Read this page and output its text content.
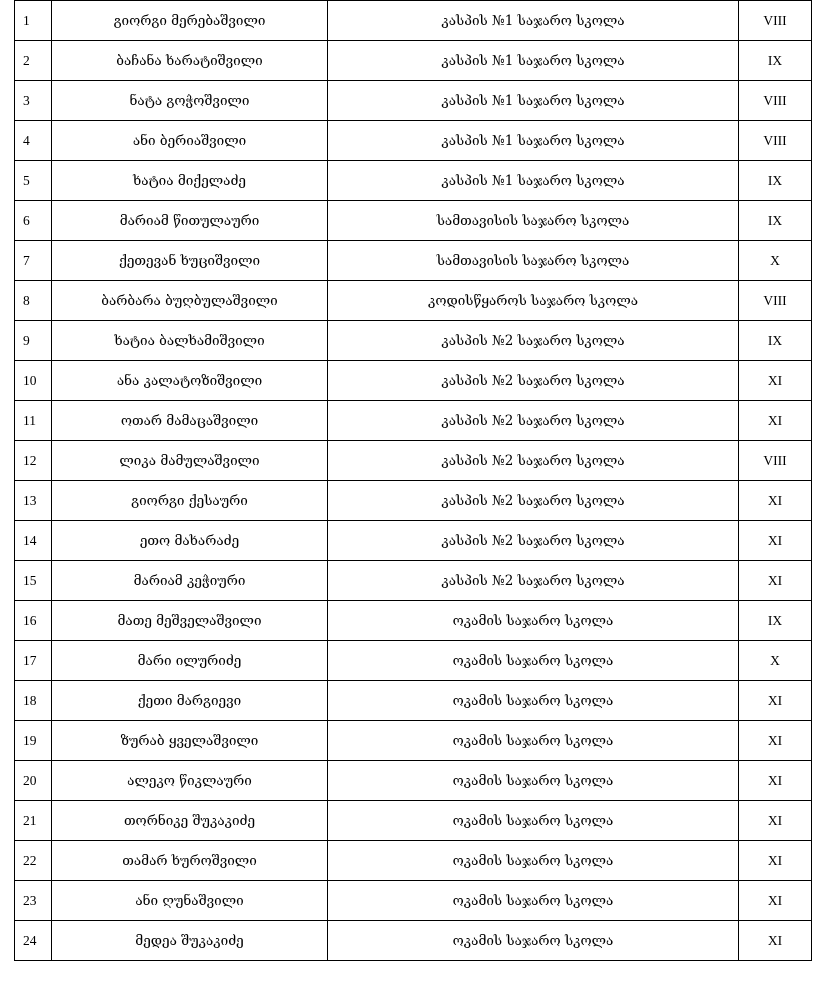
1	გიორგი მერებაშვილი	კასპის №1 საჯარო სკოლა	VIII
2	ბაჩანა ხარატიშვილი	კასპის №1 საჯარო სკოლა	IX
3	ნატა გოჭოშვილი	კასპის №1 საჯარო სკოლა	VIII
4	ანი ბერიაშვილი	კასპის №1 საჯარო სკოლა	VIII
5	ხატია მიქელაძე	კასპის №1 საჯარო სკოლა	IX
6	მარიამ წითულაური	სამთავისის საჯარო სკოლა	IX
7	ქეთევან ხუციშვილი	სამთავისის საჯარო სკოლა	X
8	ბარბარა ბუღბულაშვილი	კოდისწყაროს საჯარო სკოლა	VIII
9	ხატია ბალხამიშვილი	კასპის №2 საჯარო სკოლა	IX
10	ანა კალატოზიშვილი	კასპის №2 საჯარო სკოლა	XI
11	ოთარ მამაცაშვილი	კასპის №2 საჯარო სკოლა	XI
12	ლიკა მამულაშვილი	კასპის №2 საჯარო სკოლა	VIII
13	გიორგი ქესაური	კასპის №2 საჯარო სკოლა	XI
14	ეთო მახარაძე	კასპის №2 საჯარო სკოლა	XI
15	მარიამ კეჭიური	კასპის №2 საჯარო სკოლა	XI
16	მათე მეშველაშვილი	ოკამის საჯარო სკოლა	IX
17	მარი ილურიძე	ოკამის საჯარო სკოლა	X
18	ქეთი მარგიევი	ოკამის საჯარო სკოლა	XI
19	ზურაბ ყველაშვილი	ოკამის საჯარო სკოლა	XI
20	ალეკო წიკლაური	ოკამის საჯარო სკოლა	XI
21	თორნიკე შუკაკიძე	ოკამის საჯარო სკოლა	XI
22	თამარ ხუროშვილი	ოკამის საჯარო სკოლა	XI
23	ანი ღუნაშვილი	ოკამის საჯარო სკოლა	XI
24	მედეა შუკაკიძე	ოკამის საჯარო სკოლა	XI
